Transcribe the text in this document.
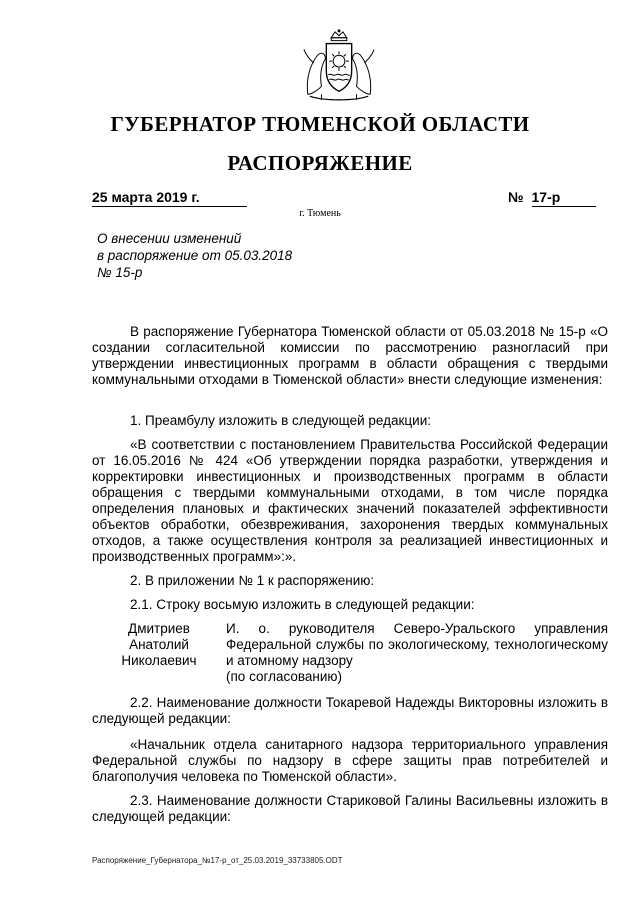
ГУБЕРНАТОР ТЮМЕНСКОЙ ОБЛАСТИ
РАСПОРЯЖЕНИЕ
25 марта 2019 г.	№ 17-р
г. Тюмень
О внесении изменений
в распоряжение от 05.03.2018
№ 15-р

В распоряжение Губернатора Тюменской области от 05.03.2018 № 15-р «О создании согласительной комиссии по рассмотрению разногласий при утверждении инвестиционных программ в области обращения с твердыми коммунальными отходами в Тюменской области» внести следующие изменения:

1. Преамбулу изложить в следующей редакции:

«В соответствии с постановлением Правительства Российской Федерации от 16.05.2016 № 424 «Об утверждении порядка разработки, утверждения и корректировки инвестиционных и производственных программ в области обращения с твердыми коммунальными отходами, в том числе порядка определения плановых и фактических значений показателей эффективности объектов обработки, обезвреживания, захоронения твердых коммунальных отходов, а также осуществления контроля за реализацией инвестиционных и производственных программ»:».

2. В приложении № 1 к распоряжению:

2.1. Строку восьмую изложить в следующей редакции:

Дмитриев
Анатолий
Николаевич
И. о. руководителя Северо-Уральского управления Федеральной службы по экологическому, технологическому и атомному надзору
(по согласованию)

2.2. Наименование должности Токаревой Надежды Викторовны изложить в следующей редакции:

«Начальник отдела санитарного надзора территориального управления Федеральной службы по надзору в сфере защиты прав потребителей и благополучия человека по Тюменской области».

2.3. Наименование должности Стариковой Галины Васильевны изложить в следующей редакции:

Распоряжение_Губернатора_№17-р_от_25.03.2019_33733805.ODT
